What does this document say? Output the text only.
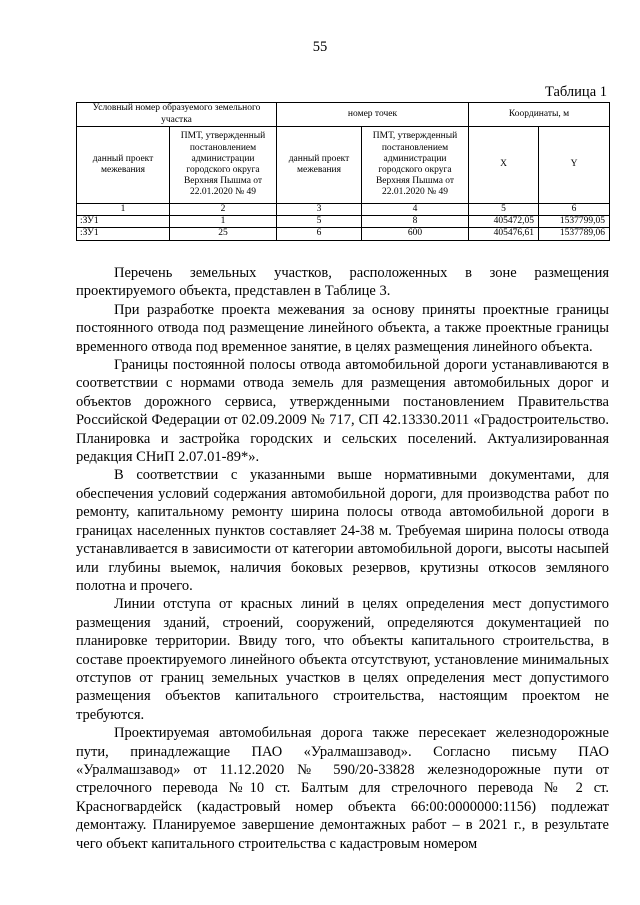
55
Таблица 1
Условный номер образуемого земельного участка		номер точек		Координаты, м	
данный проект межевания	ПМТ, утвержденный постановлением администрации городского округа Верхняя Пышма от 22.01.2020 № 49	данный проект межевания	ПМТ, утвержденный постановлением администрации городского округа Верхняя Пышма от 22.01.2020 № 49	X	Y
1	2	3	4	5	6
:ЗУ1	1	5	8	405472,05	1537799,05
:ЗУ1	25	6	600	405476,61	1537789,06

Перечень земельных участков, расположенных в зоне размещения проектируемого объекта, представлен в Таблице 3.

При разработке проекта межевания за основу приняты проектные границы постоянного отвода под размещение линейного объекта, а также проектные границы временного отвода под временное занятие, в целях размещения линейного объекта.

Границы постоянной полосы отвода автомобильной дороги устанавливаются в соответствии с нормами отвода земель для размещения автомобильных дорог и объектов дорожного сервиса, утвержденными постановлением Правительства Российской Федерации от 02.09.2009 № 717, СП 42.13330.2011 «Градостроительство. Планировка и застройка городских и сельских поселений. Актуализированная редакция СНиП 2.07.01-89*».

В соответствии с указанными выше нормативными документами, для обеспечения условий содержания автомобильной дороги, для производства работ по ремонту, капитальному ремонту ширина полосы отвода автомобильной дороги в границах населенных пунктов составляет 24-38 м. Требуемая ширина полосы отвода устанавливается в зависимости от категории автомобильной дороги, высоты насыпей или глубины выемок, наличия боковых резервов, крутизны откосов земляного полотна и прочего.

Линии отступа от красных линий в целях определения мест допустимого размещения зданий, строений, сооружений, определяются документацией по планировке территории. Ввиду того, что объекты капитального строительства, в составе проектируемого линейного объекта отсутствуют, установление минимальных отступов от границ земельных участков в целях определения мест допустимого размещения объектов капитального строительства, настоящим проектом не требуются.

Проектируемая автомобильная дорога также пересекает железнодорожные пути, принадлежащие ПАО «Уралмашзавод». Согласно письму ПАО «Уралмашзавод» от 11.12.2020 № 590/20-33828 железнодорожные пути от стрелочного перевода №10 ст. Балтым для стрелочного перевода № 2 ст. Красногвардейск (кадастровый номер объекта 66:00:0000000:1156) подлежат демонтажу. Планируемое завершение демонтажных работ – в 2021 г., в результате чего объект капитального строительства с кадастровым номером
